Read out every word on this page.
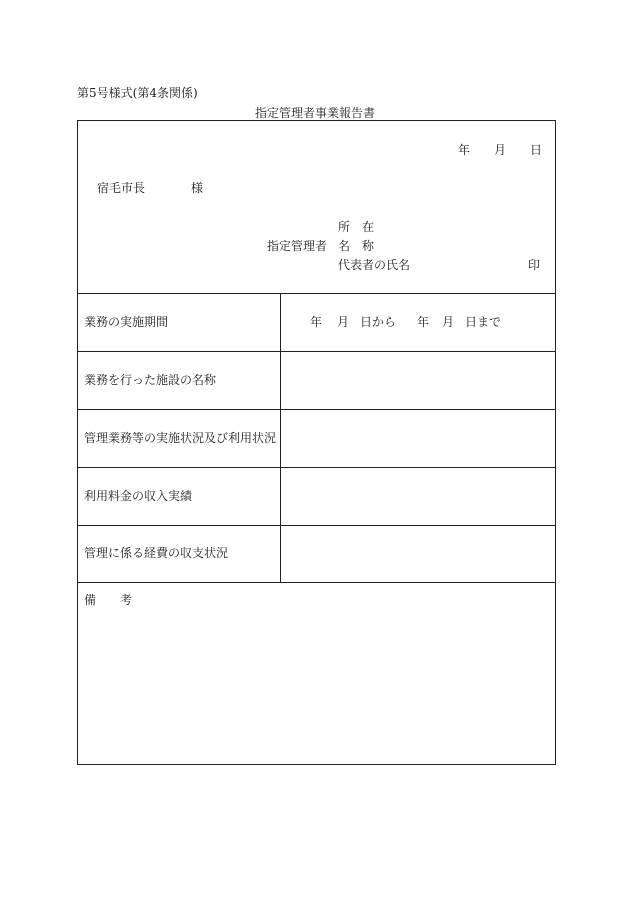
第5号様式(第4条関係)
指定管理者事業報告書
年 月 日
宿毛市長	様
所　在
指定管理者 名　称
代表者の氏名	印
業務の実施期間	年 月 日から 年 月 日まで
業務を行った施設の名称
管理業務等の実施状況及び利用状況
利用料金の収入実績
管理に係る経費の収支状況
備　　考
